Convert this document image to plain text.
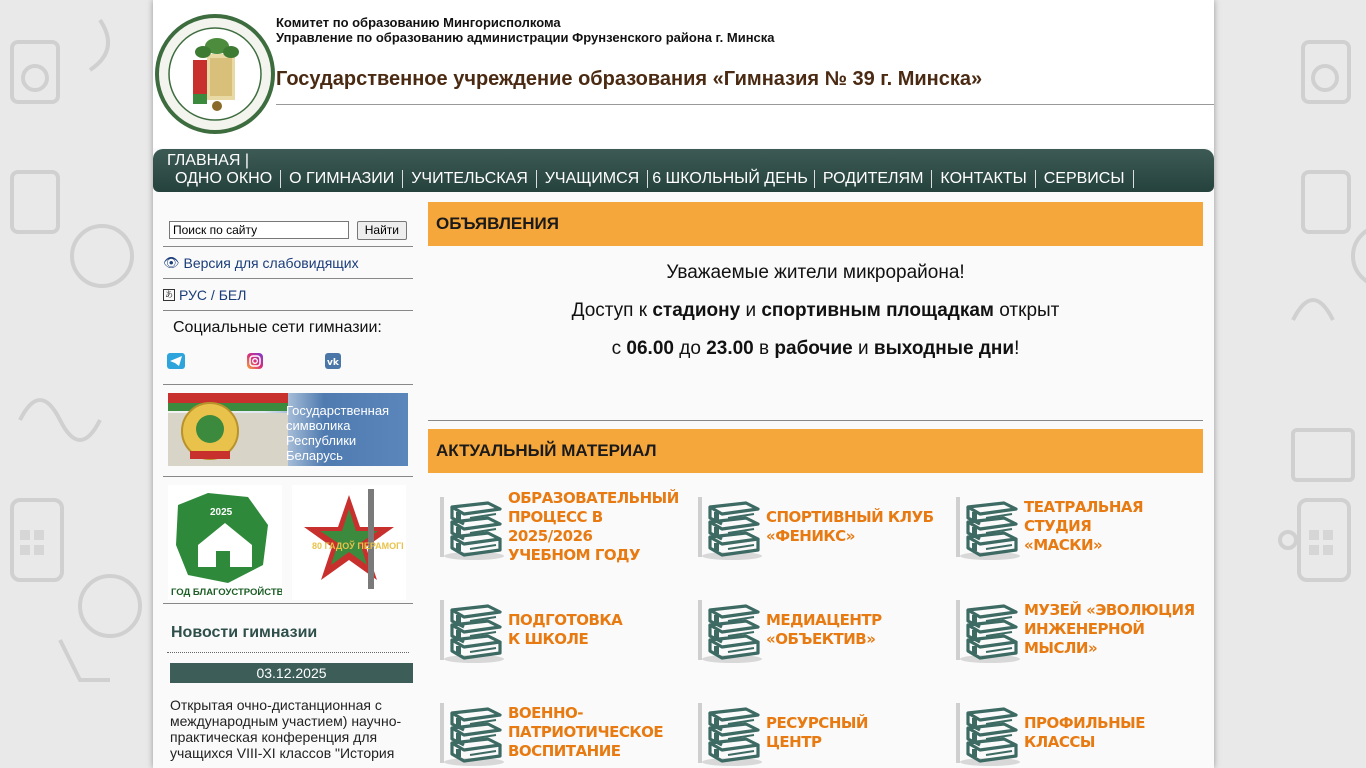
Комитет по образованию Мингорисполкома
Управление по образованию администрации Фрунзенского района г. Минска
Государственное учреждение образования «Гимназия № 39 г. Минска»
ГЛАВНАЯ |
ОДНО ОКНО	О ГИМНАЗИИ	УЧИТЕЛЬСКАЯ	УЧАЩИМСЯ 6 ШКОЛЬНЫЙ ДЕНЬ РОДИТЕЛЯМ	КОНТАКТЫ	СЕРВИСЫ
Поиск по сайту
Найти
👁 Версия для слабовидящих
あ РУС / БЕЛ
Социальные сети гимназии:
vk
Государственная
символика
Республики
Беларусь
2025
ГОД БЛАГОУСТРОЙСТВА
80 ГАДОЎ ПЕРАМОГІ
Новости гимназии
03.12.2025
Открытая очно-дистанционная с международным участием) научно-практическая конференция для учащихся VIII-XI классов "История
ОБЪЯВЛЕНИЯ
Уважаемые жители микрорайона!
Доступ к стадиону и спортивным площадкам открыт
с 06.00 до 23.00 в рабочие и выходные дни!
АКТУАЛЬНЫЙ МАТЕРИАЛ
ОБРАЗОВАТЕЛЬНЫЙ
ПРОЦЕСС В 2025/2026
УЧЕБНОМ ГОДУ
СПОРТИВНЫЙ КЛУБ
«ФЕНИКС»
ТЕАТРАЛЬНАЯ СТУДИЯ
«МАСКИ»
ПОДГОТОВКА
К ШКОЛЕ
МЕДИАЦЕНТР
«ОБЪЕКТИВ»
МУЗЕЙ «ЭВОЛЮЦИЯ
ИНЖЕНЕРНОЙ
МЫСЛИ»
ВОЕННО-
ПАТРИОТИЧЕСКОЕ
ВОСПИТАНИЕ
РЕСУРСНЫЙ
ЦЕНТР
ПРОФИЛЬНЫЕ
КЛАССЫ
